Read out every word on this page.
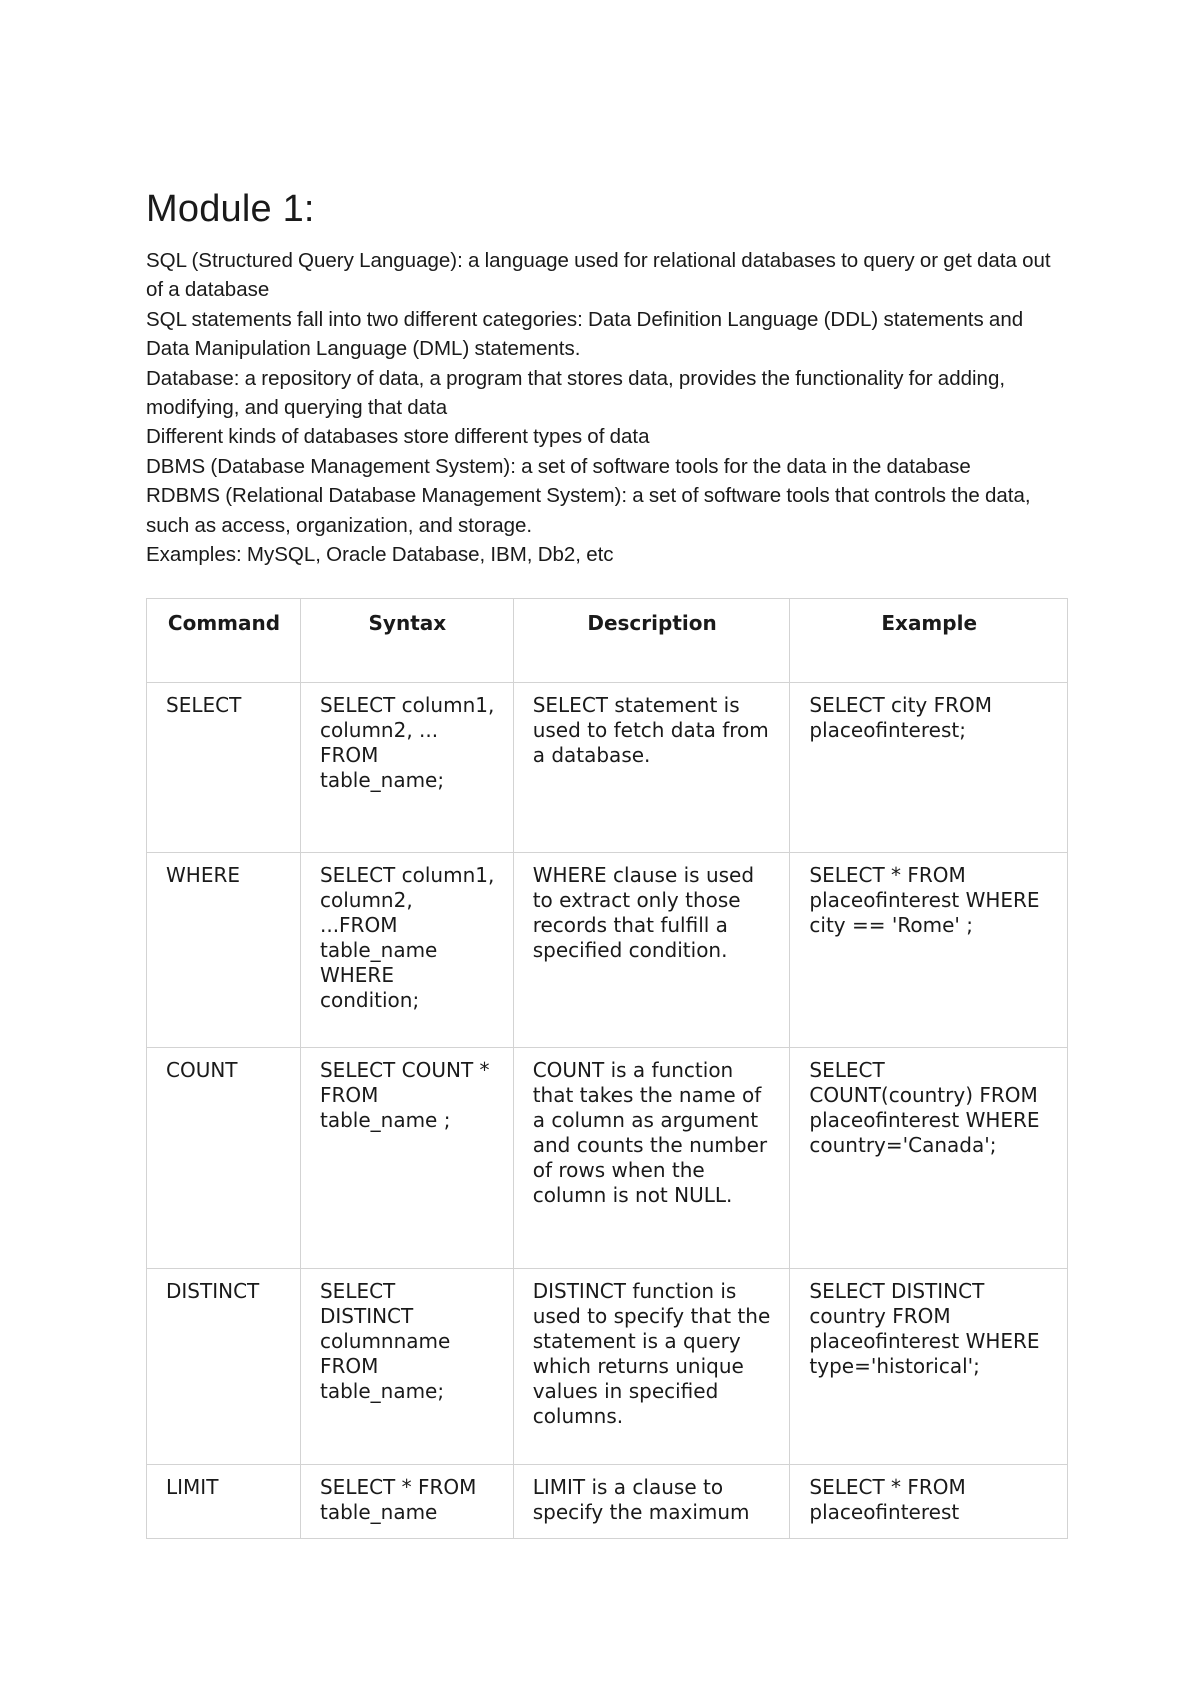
Module 1:

SQL (Structured Query Language): a language used for relational databases to query or get data out of a database

SQL statements fall into two different categories: Data Definition Language (DDL) statements and Data Manipulation Language (DML) statements.

Database: a repository of data, a program that stores data, provides the functionality for adding, modifying, and querying that data

Different kinds of databases store different types of data

DBMS (Database Management System): a set of software tools for the data in the database

RDBMS (Relational Database Management System): a set of software tools that controls the data, such as access, organization, and storage.

Examples: MySQL, Oracle Database, IBM, Db2, etc

Command	Syntax	Description	Example
SELECT	SELECT column1, column2, ... FROM table_name;	SELECT statement is used to fetch data from a database.	SELECT city FROM placeofinterest;
WHERE	SELECT column1, column2, ...FROM table_name WHERE condition;	WHERE clause is used to extract only those records that fulfill a specified condition.	SELECT * FROM placeofinterest WHERE city == 'Rome' ;
COUNT	SELECT COUNT * FROM table_name ;	COUNT is a function that takes the name of a column as argument and counts the number of rows when the column is not NULL.	SELECT COUNT(country) FROM placeofinterest WHERE country='Canada';
DISTINCT	SELECT DISTINCT columnname FROM table_name;	DISTINCT function is used to specify that the statement is a query which returns unique values in specified columns.	SELECT DISTINCT country FROM placeofinterest WHERE type='historical';
LIMIT	SELECT * FROM table_name	LIMIT is a clause to specify the maximum	SELECT * FROM placeofinterest
